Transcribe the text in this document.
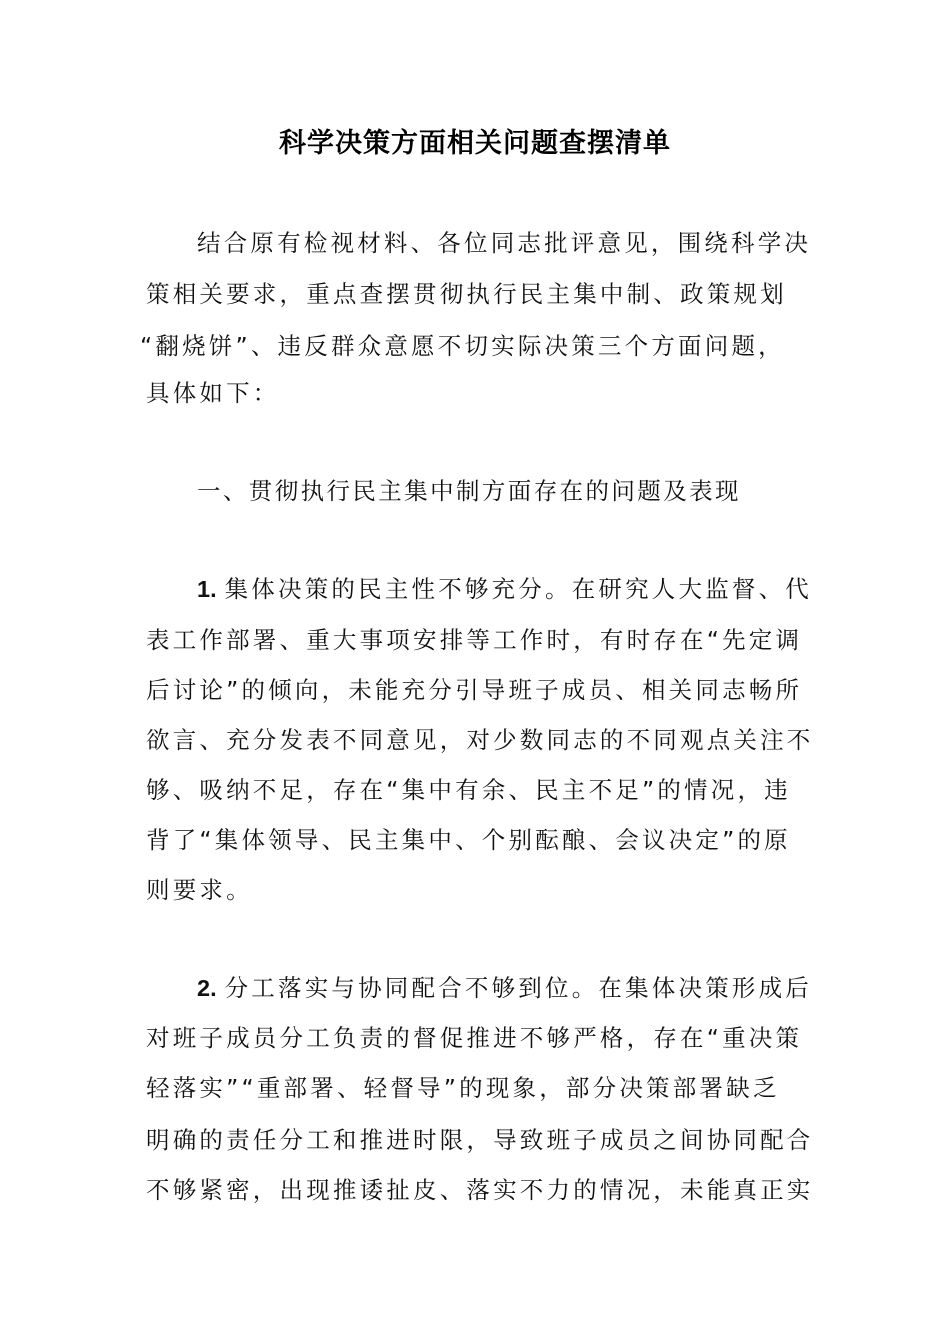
科学决策方面相关问题查摆清单
结合原有检视材料、各位同志批评意见，围绕科学决
策相关要求，重点查摆贯彻执行民主集中制、政策规划
“翻烧饼”、违反群众意愿不切实际决策三个方面问题，
具体如下：
一、贯彻执行民主集中制方面存在的问题及表现
1. 集体决策的民主性不够充分。在研究人大监督、代
表工作部署、重大事项安排等工作时，有时存在“先定调
后讨论”的倾向，未能充分引导班子成员、相关同志畅所
欲言、充分发表不同意见，对少数同志的不同观点关注不
够、吸纳不足，存在“集中有余、民主不足”的情况，违
背了“集体领导、民主集中、个别酝酿、会议决定”的原
则要求。
2. 分工落实与协同配合不够到位。在集体决策形成后
对班子成员分工负责的督促推进不够严格，存在“重决策
轻落实”“重部署、轻督导”的现象，部分决策部署缺乏
明确的责任分工和推进时限，导致班子成员之间协同配合
不够紧密，出现推诿扯皮、落实不力的情况，未能真正实
